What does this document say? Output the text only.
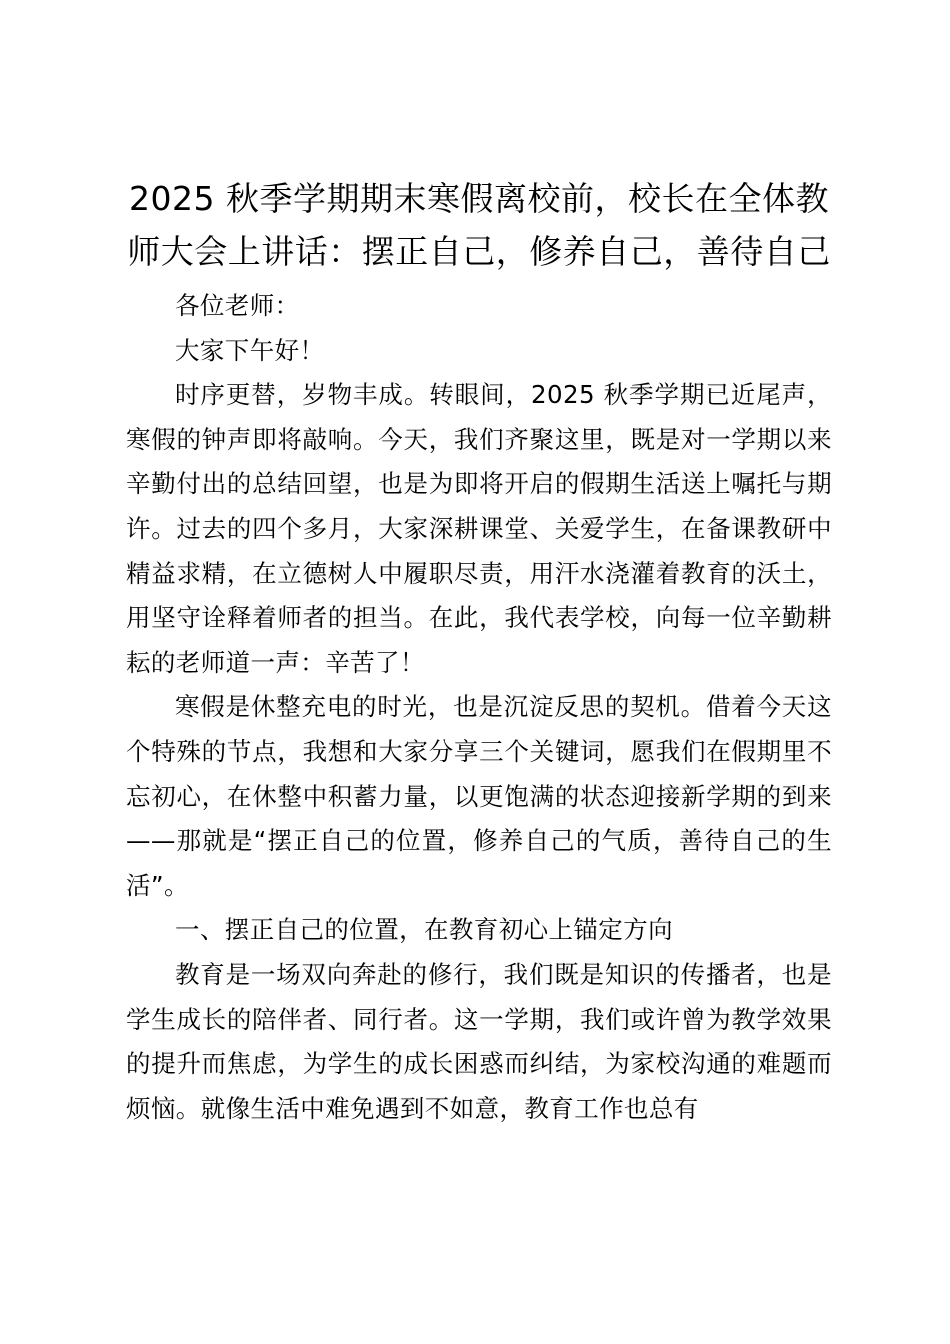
2025 秋季学期期末寒假离校前，校长在全体教师大会上讲话：摆正自己，修养自己，善待自己

各位老师：

大家下午好！

时序更替，岁物丰成。转眼间，2025 秋季学期已近尾声，寒假的钟声即将敲响。今天，我们齐聚这里，既是对一学期以来辛勤付出的总结回望，也是为即将开启的假期生活送上嘱托与期许。过去的四个多月，大家深耕课堂、关爱学生，在备课教研中精益求精，在立德树人中履职尽责，用汗水浇灌着教育的沃土，用坚守诠释着师者的担当。在此，我代表学校，向每一位辛勤耕耘的老师道一声：辛苦了！

寒假是休整充电的时光，也是沉淀反思的契机。借着今天这个特殊的节点，我想和大家分享三个关键词，愿我们在假期里不忘初心，在休整中积蓄力量，以更饱满的状态迎接新学期的到来——那就是“摆正自己的位置，修养自己的气质，善待自己的生活”。

一、摆正自己的位置，在教育初心上锚定方向

教育是一场双向奔赴的修行，我们既是知识的传播者，也是学生成长的陪伴者、同行者。这一学期，我们或许曾为教学效果的提升而焦虑，为学生的成长困惑而纠结，为家校沟通的难题而烦恼。就像生活中难免遇到不如意，教育工作也总有
